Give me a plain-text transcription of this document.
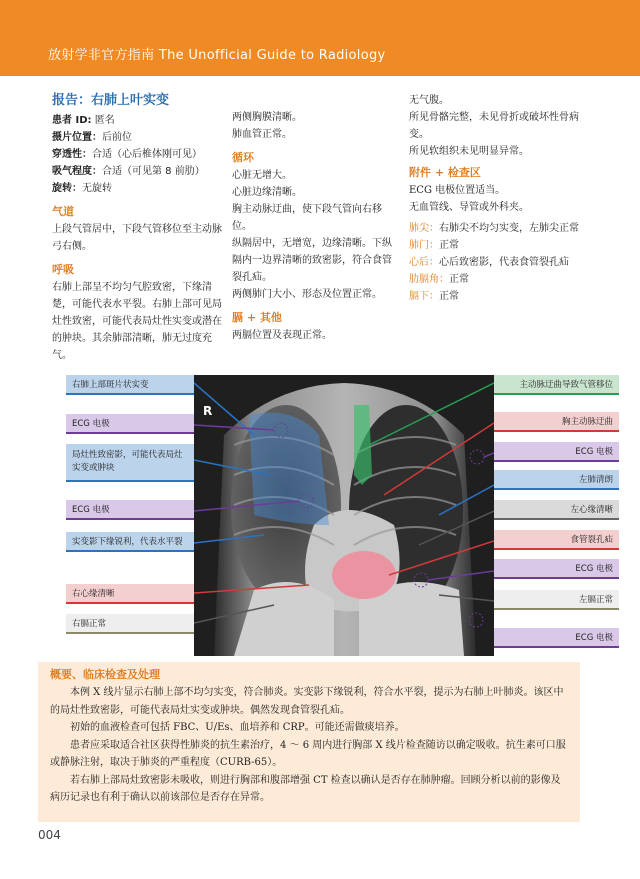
放射学非官方指南 The Unofficial Guide to Radiology
报告：右肺上叶实变

患者 ID: 匿名

摄片位置：后前位

穿透性：合适（心后椎体刚可见）

吸气程度：合适（可见第 8 前肋）

旋转：无旋转

气道

上段气管居中，下段气管移位至主动脉弓右侧。

呼吸

右肺上部呈不均匀气腔致密，下缘清楚，可能代表水平裂。右肺上部可见局灶性致密，可能代表局灶性实变或潜在的肿块。其余肺部清晰，肺无过度充气。

两侧胸膜清晰。

肺血管正常。

循环

心脏无增大。

心脏边缘清晰。

胸主动脉迂曲，使下段气管向右移位。

纵隔居中，无增宽，边缘清晰。下纵隔内一边界清晰的致密影，符合食管裂孔疝。

两侧肺门大小、形态及位置正常。

膈 + 其他

两膈位置及表现正常。

无气腹。

所见骨骼完整，未见骨折或破坏性骨病变。

所见软组织未见明显异常。

附件 + 检查区

ECG 电极位置适当。

无血管线、导管或外科夹。

肺尖：右肺尖不均匀实变，左肺尖正常

肺门：正常

心后：心后致密影，代表食管裂孔疝

肋膈角：正常

膈下：正常

R
右肺上部斑片状实变
ECG 电极
局灶性致密影，可能代表局灶实变或肿块
ECG 电极
实变影下缘锐利，代表水平裂
右心缘清晰
右膈正常
主动脉迂曲导致气管移位
胸主动脉迂曲
ECG 电极
左肺清朗
左心缘清晰
食管裂孔疝
ECG 电极
左膈正常
ECG 电极
概要、临床检查及处理

本例 X 线片显示右肺上部不均匀实变，符合肺炎。实变影下缘锐利，符合水平裂，提示为右肺上叶肺炎。该区中的局灶性致密影，可能代表局灶实变或肿块。偶然发现食管裂孔疝。

初始的血液检查可包括 FBC、U/Es、血培养和 CRP。可能还需做痰培养。

患者应采取适合社区获得性肺炎的抗生素治疗，4 ～ 6 周内进行胸部 X 线片检查随访以确定吸收。抗生素可口服或静脉注射，取决于肺炎的严重程度（CURB-65）。

若右肺上部局灶致密影未吸收，则进行胸部和腹部增强 CT 检查以确认是否存在肺肿瘤。回顾分析以前的影像及病历记录也有利于确认以前该部位是否存在异常。

004
